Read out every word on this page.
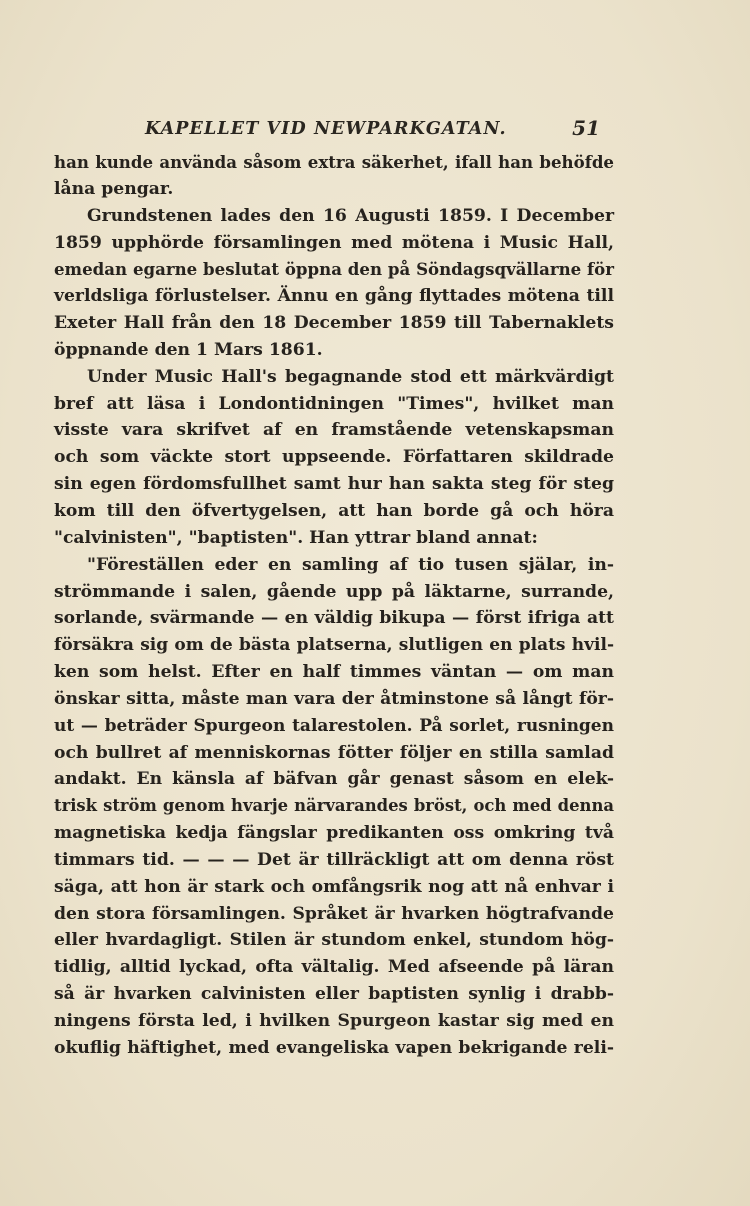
KAPELLET VID NEWPARKGATAN.	51
han kunde använda såsom extra säkerhet, ifall han behöfde
låna pengar.
Grundstenen lades den 16 Augusti 1859. I December
1859 upphörde församlingen med mötena i Music Hall,
emedan egarne beslutat öppna den på Söndagsqvällarne för
verldsliga förlustelser. Ännu en gång flyttades mötena till
Exeter Hall från den 18 December 1859 till Tabernaklets
öppnande den 1 Mars 1861.
Under Music Hall's begagnande stod ett märkvärdigt
bref att läsa i Londontidningen "Times", hvilket man
visste vara skrifvet af en framstående vetenskapsman
och som väckte stort uppseende. Författaren skildrade
sin egen fördomsfullhet samt hur han sakta steg för steg
kom till den öfvertygelsen, att han borde gå och höra
"calvinisten", "baptisten". Han yttrar bland annat:
"Föreställen eder en samling af tio tusen själar, in-
strömmande i salen, gående upp på läktarne, surrande,
sorlande, svärmande — en väldig bikupa — först ifriga att
försäkra sig om de bästa platserna, slutligen en plats hvil-
ken som helst. Efter en half timmes väntan — om man
önskar sitta, måste man vara der åtminstone så långt för-
ut — beträder Spurgeon talarestolen. På sorlet, rusningen
och bullret af menniskornas fötter följer en stilla samlad
andakt. En känsla af bäfvan går genast såsom en elek-
trisk ström genom hvarje närvarandes bröst, och med denna
magnetiska kedja fängslar predikanten oss omkring två
timmars tid. — — — Det är tillräckligt att om denna röst
säga, att hon är stark och omfångsrik nog att nå enhvar i
den stora församlingen. Språket är hvarken högtrafvande
eller hvardagligt. Stilen är stundom enkel, stundom hög-
tidlig, alltid lyckad, ofta vältalig. Med afseende på läran
så är hvarken calvinisten eller baptisten synlig i drabb-
ningens första led, i hvilken Spurgeon kastar sig med en
okuflig häftighet, med evangeliska vapen bekrigande reli-
